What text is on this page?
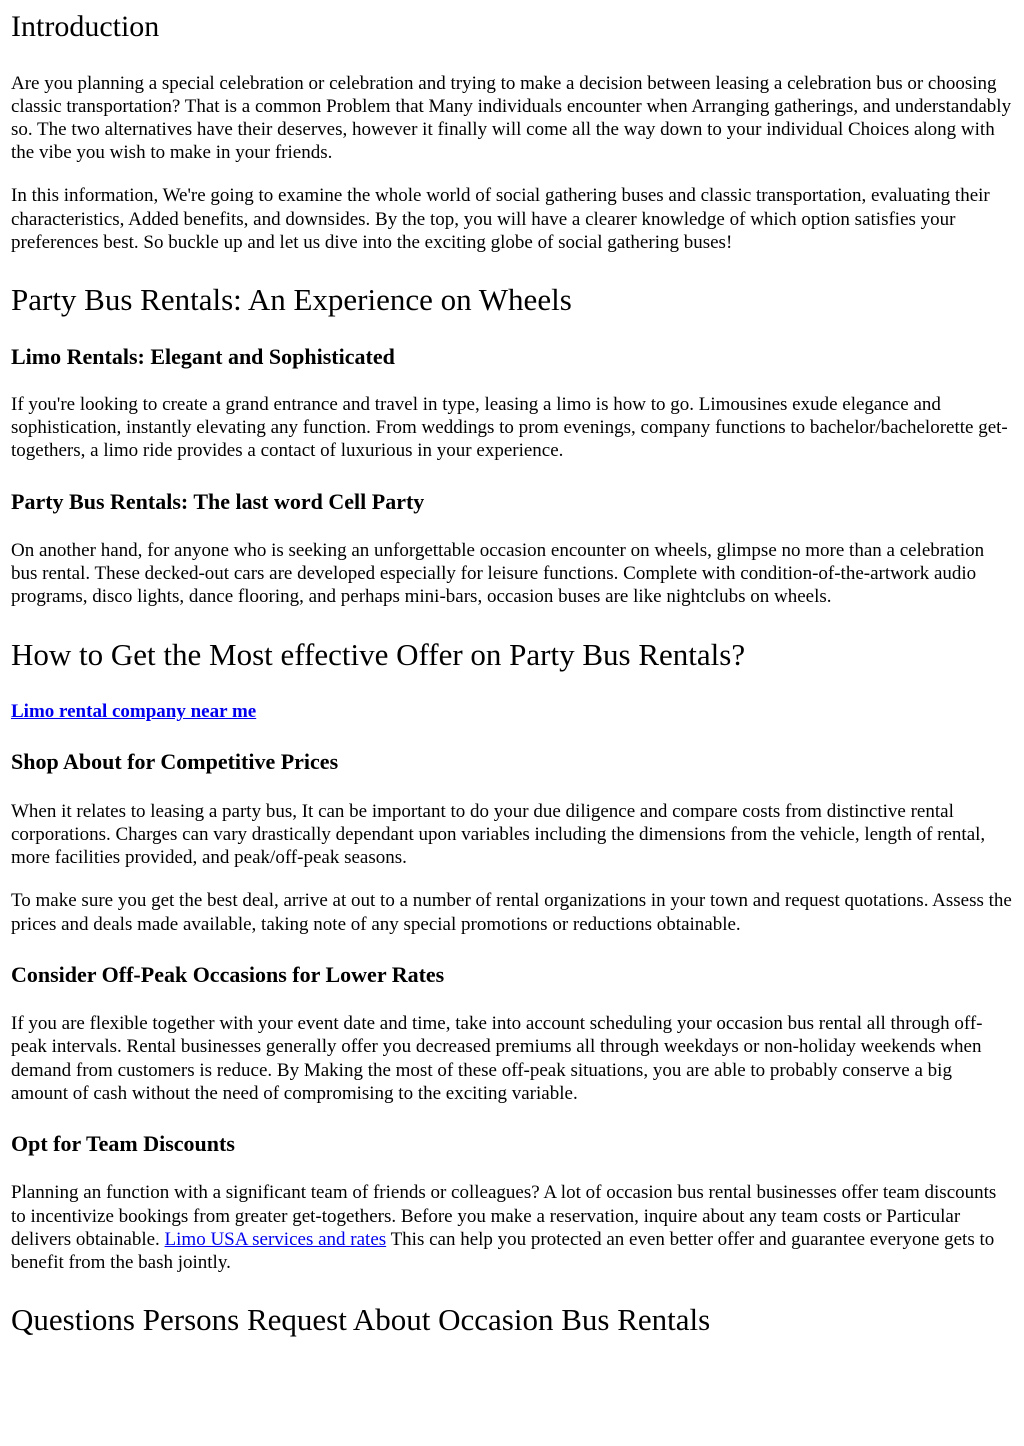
Introduction

Are you planning a special celebration or celebration and trying to make a decision between leasing a celebration bus or choosing classic transportation? That is a common Problem that Many individuals encounter when Arranging gatherings, and understandably so. The two alternatives have their deserves, however it finally will come all the way down to your individual Choices along with the vibe you wish to make in your friends.

In this information, We're going to examine the whole world of social gathering buses and classic transportation, evaluating their characteristics, Added benefits, and downsides. By the top, you will have a clearer knowledge of which option satisfies your preferences best. So buckle up and let us dive into the exciting globe of social gathering buses!

Party Bus Rentals: An Experience on Wheels
Limo Rentals: Elegant and Sophisticated

If you're looking to create a grand entrance and travel in type, leasing a limo is how to go. Limousines exude elegance and sophistication, instantly elevating any function. From weddings to prom evenings, company functions to bachelor/bachelorette get-togethers, a limo ride provides a contact of luxurious in your experience.

Party Bus Rentals: The last word Cell Party

On another hand, for anyone who is seeking an unforgettable occasion encounter on wheels, glimpse no more than a celebration bus rental. These decked-out cars are developed especially for leisure functions. Complete with condition-of-the-artwork audio programs, disco lights, dance flooring, and perhaps mini-bars, occasion buses are like nightclubs on wheels.

How to Get the Most effective Offer on Party Bus Rentals?

Limo rental company near me

Shop About for Competitive Prices

When it relates to leasing a party bus, It can be important to do your due diligence and compare costs from distinctive rental corporations. Charges can vary drastically dependant upon variables including the dimensions from the vehicle, length of rental, more facilities provided, and peak/off-peak seasons.

To make sure you get the best deal, arrive at out to a number of rental organizations in your town and request quotations. Assess the prices and deals made available, taking note of any special promotions or reductions obtainable.

Consider Off-Peak Occasions for Lower Rates

If you are flexible together with your event date and time, take into account scheduling your occasion bus rental all through off-peak intervals. Rental businesses generally offer you decreased premiums all through weekdays or non-holiday weekends when demand from customers is reduce. By Making the most of these off-peak situations, you are able to probably conserve a big amount of cash without the need of compromising to the exciting variable.

Opt for Team Discounts

Planning an function with a significant team of friends or colleagues? A lot of occasion bus rental businesses offer team discounts to incentivize bookings from greater get-togethers. Before you make a reservation, inquire about any team costs or Particular delivers obtainable. Limo USA services and rates This can help you protected an even better offer and guarantee everyone gets to benefit from the bash jointly.

Questions Persons Request About Occasion Bus Rentals
